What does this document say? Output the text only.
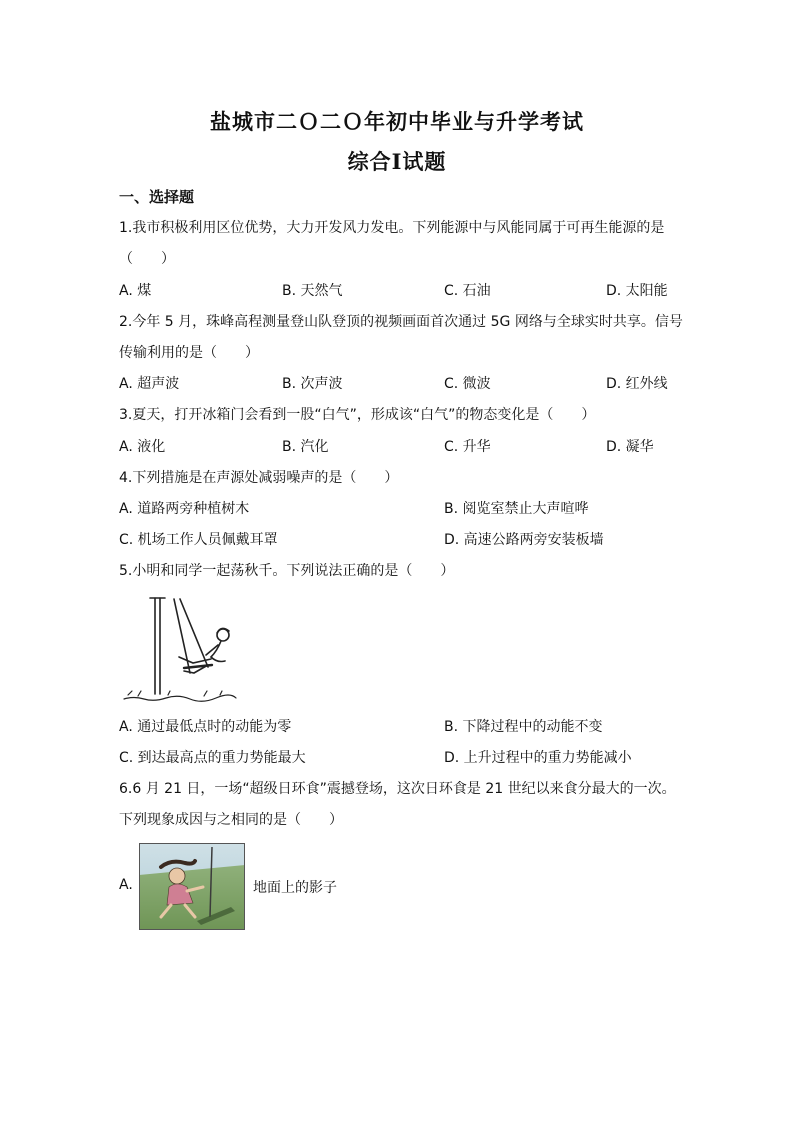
盐城市二Ｏ二Ｏ年初中毕业与升学考试
综合Ⅰ试题
一、选择题
1.我市积极利用区位优势，大力开发风力发电。下列能源中与风能同属于可再生能源的是
（　　）
A. 煤	B. 天然气	C. 石油	D. 太阳能
2.今年 5 月，珠峰高程测量登山队登顶的视频画面首次通过 5G 网络与全球实时共享。信号
传输利用的是（　　）
A. 超声波	B. 次声波	C. 微波	D. 红外线
3.夏天，打开冰箱门会看到一股“白气”，形成该“白气”的物态变化是（　　）
A. 液化	B. 汽化	C. 升华	D. 凝华
4.下列措施是在声源处减弱噪声的是（　　）
A. 道路两旁种植树木	B. 阅览室禁止大声喧哗
C. 机场工作人员佩戴耳罩	D. 高速公路两旁安装板墙
5.小明和同学一起荡秋千。下列说法正确的是（　　）
A. 通过最低点时的动能为零	B. 下降过程中的动能不变
C. 到达最高点的重力势能最大	D. 上升过程中的重力势能减小
6.6 月 21 日，一场“超级日环食”震撼登场，这次日环食是 21 世纪以来食分最大的一次。
下列现象成因与之相同的是（　　）
A.	地面上的影子
